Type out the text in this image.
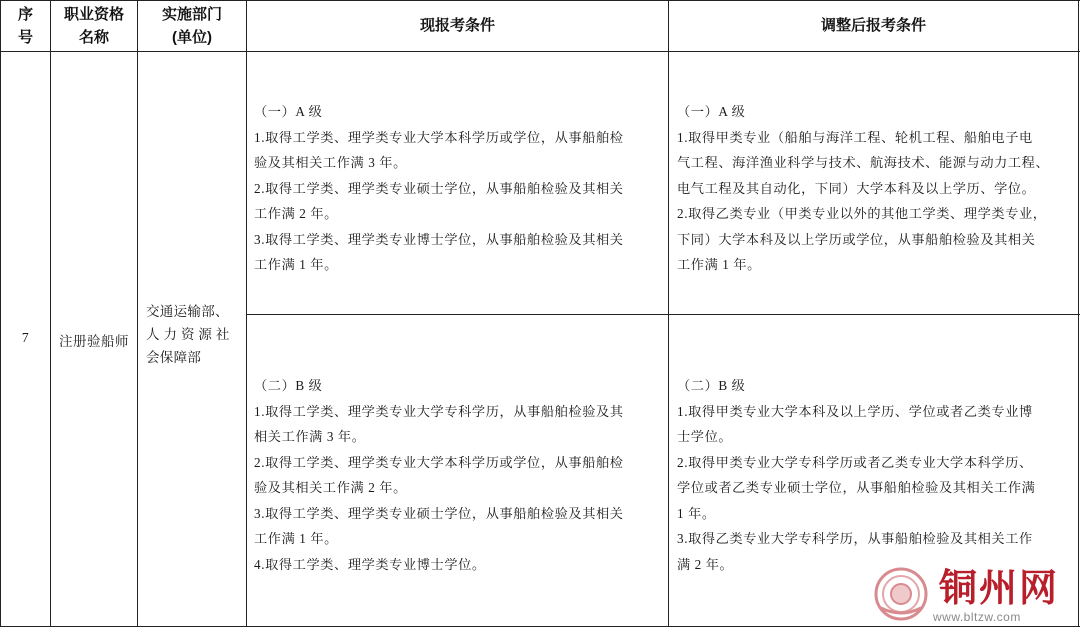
序
号
职业资格
名称
实施部门
(单位)
现报考条件	调整后报考条件
7	注册验船师
交通运输部、
人 力 资 源 社
会保障部
（一）A 级
1.取得工学类、理学类专业大学本科学历或学位，从事船舶检
验及其相关工作满 3 年。
2.取得工学类、理学类专业硕士学位，从事船舶检验及其相关
工作满 2 年。
3.取得工学类、理学类专业博士学位，从事船舶检验及其相关
工作满 1 年。
（一）A 级
1.取得甲类专业（船舶与海洋工程、轮机工程、船舶电子电
气工程、海洋渔业科学与技术、航海技术、能源与动力工程、
电气工程及其自动化，下同）大学本科及以上学历、学位。
2.取得乙类专业（甲类专业以外的其他工学类、理学类专业，
下同）大学本科及以上学历或学位，从事船舶检验及其相关
工作满 1 年。
（二）B 级
1.取得工学类、理学类专业大学专科学历，从事船舶检验及其
相关工作满 3 年。
2.取得工学类、理学类专业大学本科学历或学位，从事船舶检
验及其相关工作满 2 年。
3.取得工学类、理学类专业硕士学位，从事船舶检验及其相关
工作满 1 年。
4.取得工学类、理学类专业博士学位。
（二）B 级
1.取得甲类专业大学本科及以上学历、学位或者乙类专业博
士学位。
2.取得甲类专业大学专科学历或者乙类专业大学本科学历、
学位或者乙类专业硕士学位，从事船舶检验及其相关工作满
1 年。
3.取得乙类专业大学专科学历，从事船舶检验及其相关工作
满 2 年。
铜州网
www.bltzw.com
